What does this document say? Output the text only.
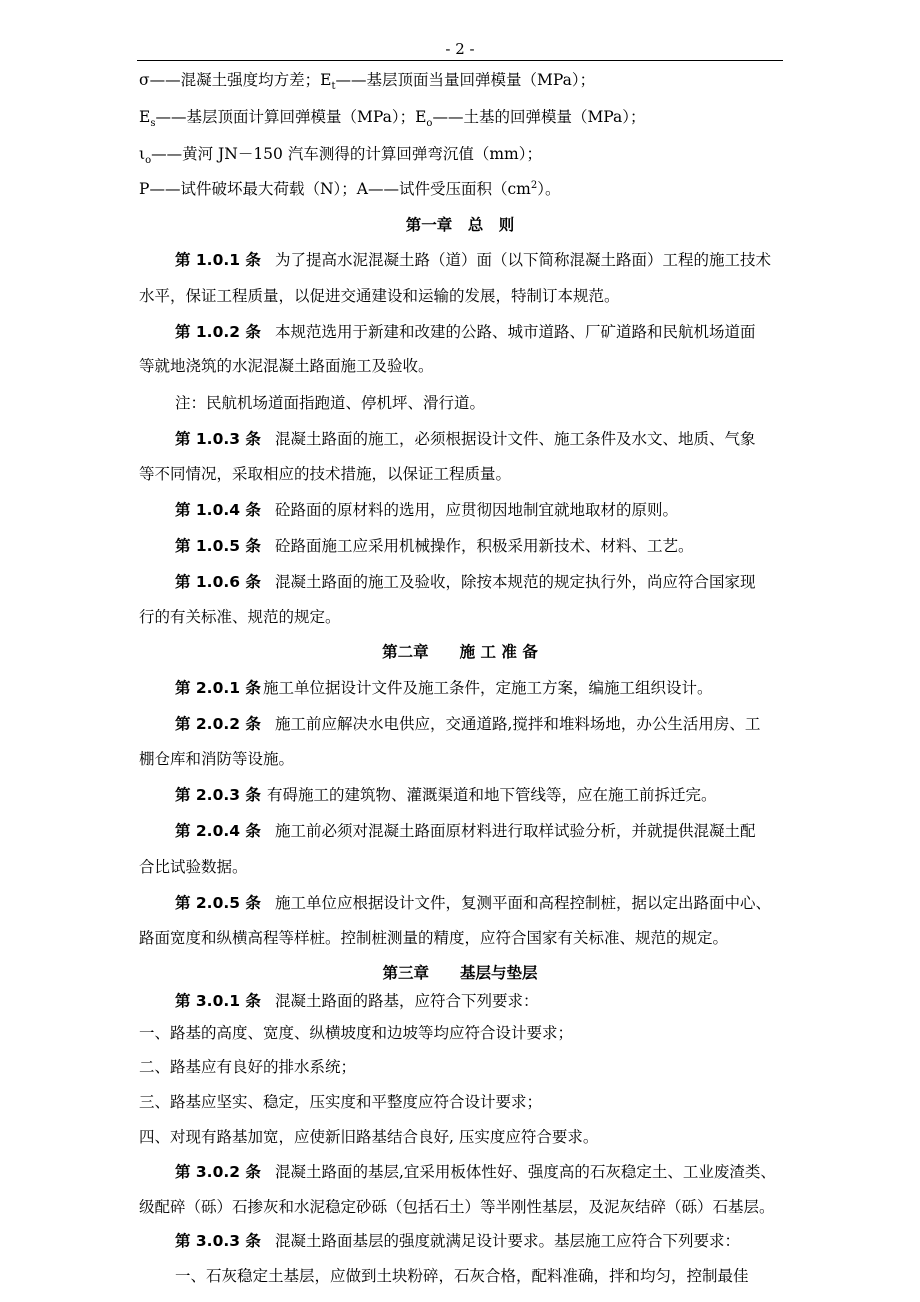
- 2 -
σ——混凝土强度均方差；$E_t——$基层顶面当量回弹模量（MPa）；
$E_s——$基层顶面计算回弹模量（MPa）；$E_o——$土基的回弹模量（MPa）；
$\iota_o——$黄河 JN－150 汽车测得的计算回弹弯沉值（mm）；
P——试件破坏最大荷载（N）；A——试件受压面积$(cm^2)$。
第一章　总　则
第 1.0.1 条 为了提高水泥混凝土路（道）面（以下简称混凝土路面）工程的施工技术
水平，保证工程质量，以促进交通建设和运输的发展，特制订本规范。
第 1.0.2 条 本规范选用于新建和改建的公路、城市道路、厂矿道路和民航机场道面
等就地浇筑的水泥混凝土路面施工及验收。
注：民航机场道面指跑道、停机坪、滑行道。
第 1.0.3 条 混凝土路面的施工，必须根据设计文件、施工条件及水文、地质、气象
等不同情况，采取相应的技术措施，以保证工程质量。
第 1.0.4 条 砼路面的原材料的选用，应贯彻因地制宜就地取材的原则。
第 1.0.5 条 砼路面施工应采用机械操作，积极采用新技术、材料、工艺。
第 1.0.6 条 混凝土路面的施工及验收，除按本规范的规定执行外，尚应符合国家现
行的有关标准、规范的规定。
第二章　　施 工 准 备
第 2.0.1 条 施工单位据设计文件及施工条件，定施工方案，编施工组织设计。
第 2.0.2 条 施工前应解决水电供应，交通道路,搅拌和堆料场地，办公生活用房、工
棚仓库和消防等设施。
第 2.0.3 条 有碍施工的建筑物、灌溉渠道和地下管线等，应在施工前拆迁完。
第 2.0.4 条 施工前必须对混凝土路面原材料进行取样试验分析，并就提供混凝土配
合比试验数据。
第 2.0.5 条 施工单位应根据设计文件，复测平面和高程控制桩，据以定出路面中心、
路面宽度和纵横高程等样桩。控制桩测量的精度，应符合国家有关标准、规范的规定。
第三章　　基层与垫层
第 3.0.1 条 混凝土路面的路基，应符合下列要求：
一、路基的高度、宽度、纵横坡度和边坡等均应符合设计要求；
二、路基应有良好的排水系统；
三、路基应坚实、稳定，压实度和平整度应符合设计要求；
四、对现有路基加宽，应使新旧路基结合良好, 压实度应符合要求。
第 3.0.2 条 混凝土路面的基层,宜采用板体性好、强度高的石灰稳定土、工业废渣类、
级配碎（砾）石掺灰和水泥稳定砂砾（包括石土）等半刚性基层，及泥灰结碎（砾）石基层。
第 3.0.3 条 混凝土路面基层的强度就满足设计要求。基层施工应符合下列要求：
一、石灰稳定土基层，应做到土块粉碎，石灰合格，配料准确，拌和均匀，控制最佳
